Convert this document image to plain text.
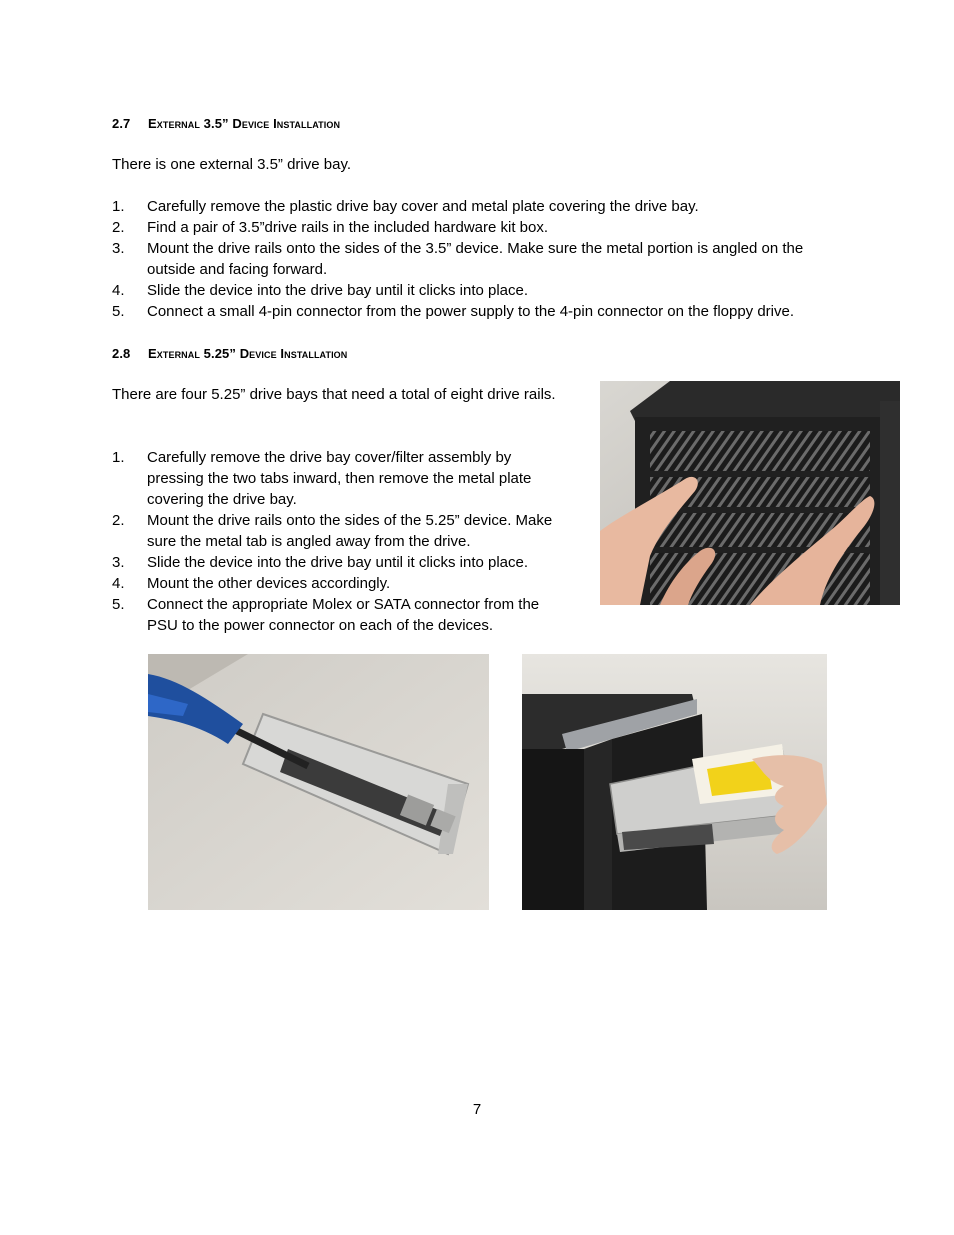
2.7 External 3.5” Device Installation
There is one external 3.5” drive bay.
1. Carefully remove the plastic drive bay cover and metal plate covering the drive bay.
2. Find a pair of 3.5”drive rails in the included hardware kit box.
3. Mount the drive rails onto the sides of the 3.5” device. Make sure the metal portion is angled on the outside and facing forward.
4. Slide the device into the drive bay until it clicks into place.
5. Connect a small 4-pin connector from the power supply to the 4-pin connector on the floppy drive.
2.8 External 5.25” Device Installation
There are four 5.25” drive bays that need a total of eight drive rails.
1. Carefully remove the drive bay cover/filter assembly by pressing the two tabs inward, then remove the metal plate covering the drive bay.
2. Mount the drive rails onto the sides of the 5.25” device. Make sure the metal tab is angled away from the drive.
3. Slide the device into the drive bay until it clicks into place.
4. Mount the other devices accordingly.
5. Connect the appropriate Molex or SATA connector from the PSU to the power connector on each of the devices.
7
